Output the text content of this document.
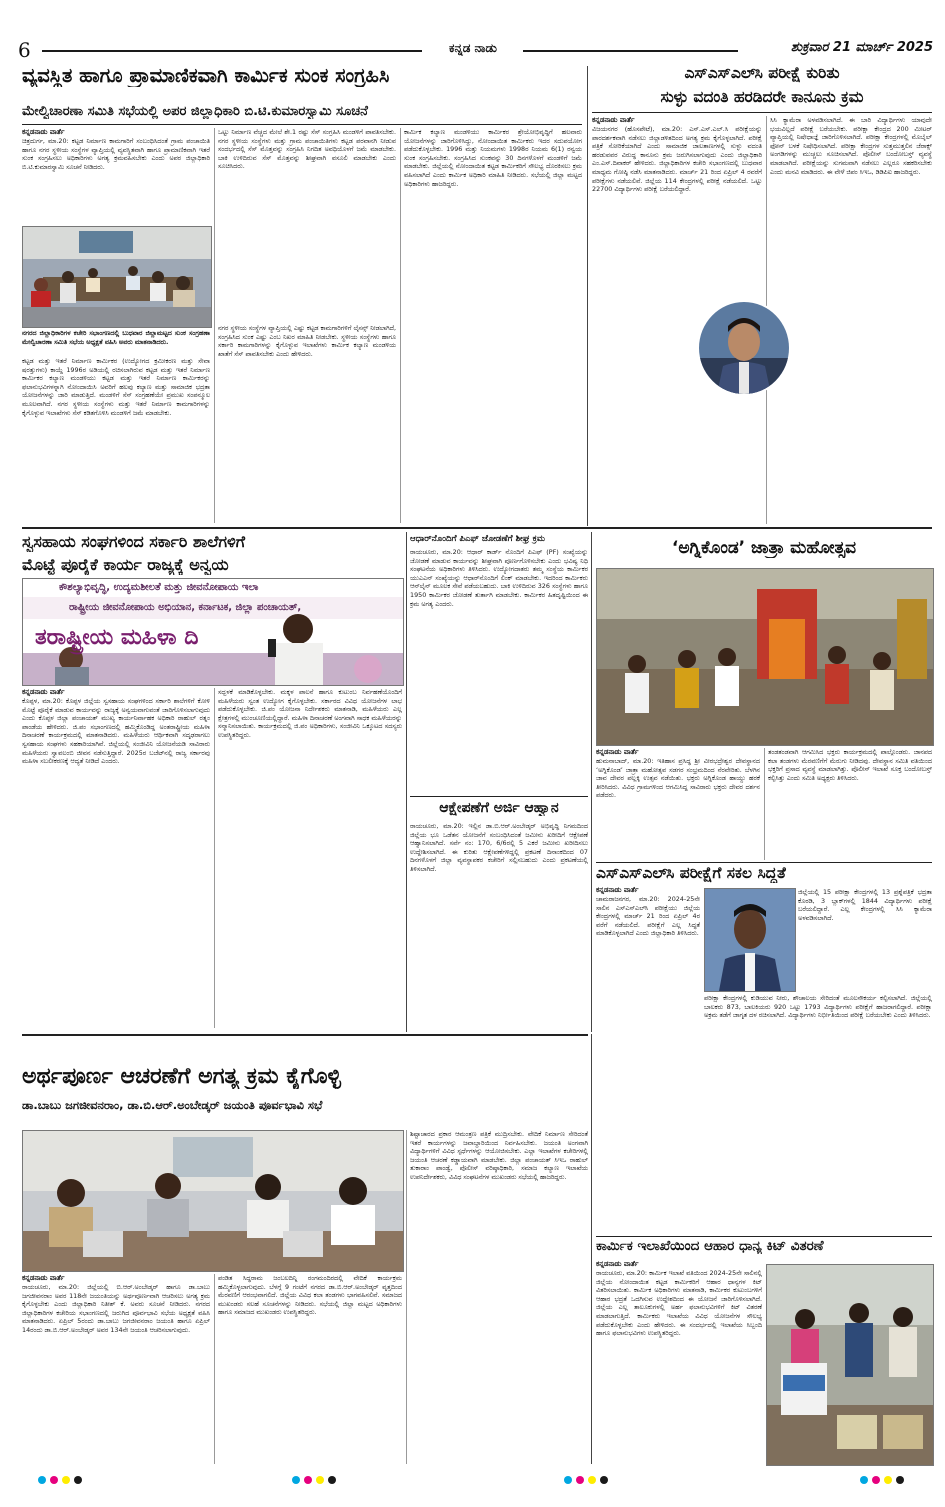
6	ಕನ್ನಡ ನಾಡು	ಶುಕ್ರವಾರ 21 ಮಾರ್ಚ್ 2025
ವ್ಯವಸ್ಥಿತ ಹಾಗೂ ಪ್ರಾಮಾಣಿಕವಾಗಿ ಕಾರ್ಮಿಕ ಸುಂಕ ಸಂಗ್ರಹಿಸಿ
ಮೇಲ್ವಿಚಾರಣಾ ಸಮಿತಿ ಸಭೆಯಲ್ಲಿ ಅಪರ ಜಿಲ್ಲಾಧಿಕಾರಿ ಬಿ.ಟಿ.ಕುಮಾರಸ್ವಾಮಿ ಸೂಚನೆ
ಕನ್ನಡನಾಡು ವಾರ್ತೆ
ಚಿತ್ರದುರ್ಗ, ಮಾ.20: ಕಟ್ಟಡ ನಿರ್ಮಾಣ ಕಾಮಗಾರಿಗೆ ಸಂಬಂಧಿಸಿದಂತೆ ಗ್ರಾಮ ಪಂಚಾಯಿತಿ ಹಾಗೂ ನಗರ ಸ್ಥಳೀಯ ಸಂಸ್ಥೆಗಳ ವ್ಯಾಪ್ತಿಯಲ್ಲಿ ವ್ಯವಸ್ಥಿತವಾಗಿ ಹಾಗೂ ಪ್ರಾಮಾಣಿಕವಾಗಿ ಇತರೆ ಸುಂಕ ಸಂಗ್ರಹಿಸಲು ಅಧಿಕಾರಿಗಳು ಅಗತ್ಯ ಕ್ರಮವಹಿಸಬೇಕು ಎಂದು ಅಪರ ಜಿಲ್ಲಾಧಿಕಾರಿ ಬಿ.ಟಿ.ಕುಮಾರಸ್ವಾಮಿ ಸೂಚನೆ ನೀಡಿದರು.
ನಗರದ ಜಿಲ್ಲಾಧಿಕಾರಿಗಳ ಕಚೇರಿ ಸಭಾಂಗಣದಲ್ಲಿ ಬುಧವಾರ ಜಿಲ್ಲಾಮಟ್ಟದ ಸುಂಕ ಸಂಗ್ರಹಣಾ ಮೇಲ್ವಿಚಾರಣಾ ಸಮಿತಿ ಸಭೆಯ ಅಧ್ಯಕ್ಷತೆ ವಹಿಸಿ ಅವರು ಮಾತನಾಡಿದರು.
ಕಟ್ಟಡ ಮತ್ತು ಇತರೆ ನಿರ್ಮಾಣ ಕಾರ್ಮಿಕರ (ಉದ್ಯೋಗದ ಕ್ರಮೀಕರಣ ಮತ್ತು ಸೇವಾ ಷರತ್ತುಗಳು) ಕಾಯ್ದೆ 1996ರ ಅಡಿಯಲ್ಲಿ ರಚಿಸಲಾಗಿರುವ ಕಟ್ಟಡ ಮತ್ತು ಇತರೆ ನಿರ್ಮಾಣ ಕಾರ್ಮಿಕರ ಕಲ್ಯಾಣ ಮಂಡಳಿಯು ಕಟ್ಟಡ ಮತ್ತು ಇತರೆ ನಿರ್ಮಾಣ ಕಾರ್ಮಿಕರನ್ನು ಫಲಾನುಭವಿಗಳನ್ನಾಗಿ ನೋಂದಾಯಿಸಿ ಅವರಿಗೆ ಹಲವು ಕಲ್ಯಾಣ ಮತ್ತು ಸಾಮಾಜಿಕ ಭದ್ರತಾ ಯೋಜನೆಗಳನ್ನು ಜಾರಿ ಮಾಡುತ್ತಿದೆ. ಮಂಡಳಿಗೆ ಸೆಸ್ ಸಂಗ್ರಹಣೆಯೇ ಪ್ರಮುಖ ಸಂಪನ್ಮೂಲ ಮೂಲವಾಗಿದೆ. ನಗರ ಸ್ಥಳೀಯ ಸಂಸ್ಥೆಗಳು ಮತ್ತು ಇತರೆ ನಿರ್ಮಾಣ ಕಾಮಗಾರಿಗಳನ್ನು ಕೈಗೊಳ್ಳುವ ಇಲಾಖೆಗಳು ಸೆಸ್ ಕಡಿತಗೊಳಿಸಿ ಮಂಡಳಿಗೆ ಜಮೆ ಮಾಡಬೇಕು.
ಒಟ್ಟು ನಿರ್ಮಾಣ ವೆಚ್ಚದ ಮೇಲೆ ಶೇ.1 ರಷ್ಟು ಸೆಸ್ ಸಂಗ್ರಹಿಸಿ ಮಂಡಳಿಗೆ ಪಾವತಿಸಬೇಕು. ನಗರ ಸ್ಥಳೀಯ ಸಂಸ್ಥೆಗಳು ಮತ್ತು ಗ್ರಾಮ ಪಂಚಾಯಿತಿಗಳು ಕಟ್ಟಡ ಪರವಾನಗಿ ನೀಡುವ ಸಂದರ್ಭದಲ್ಲಿ ಸೆಸ್ ಮೊತ್ತವನ್ನು ಸಂಗ್ರಹಿಸಿ ನಿಗದಿತ ಅವಧಿಯೊಳಗೆ ಜಮೆ ಮಾಡಬೇಕು. ಬಾಕಿ ಉಳಿದಿರುವ ಸೆಸ್ ಮೊತ್ತವನ್ನು ಶೀಘ್ರವಾಗಿ ವಸೂಲಿ ಮಾಡಬೇಕು ಎಂದು ಸೂಚಿಸಿದರು.
ನಗರ ಸ್ಥಳೀಯ ಸಂಸ್ಥೆಗಳ ವ್ಯಾಪ್ತಿಯಲ್ಲಿ ಎಷ್ಟು ಕಟ್ಟಡ ಕಾಮಗಾರಿಗಳಿಗೆ ಲೈಸನ್ಸ್ ನೀಡಲಾಗಿದೆ, ಸಂಗ್ರಹಿಸಿದ ಸುಂಕ ಎಷ್ಟು ಎಂಬ ನಿಖರ ಮಾಹಿತಿ ನೀಡಬೇಕು. ಸ್ಥಳೀಯ ಸಂಸ್ಥೆಗಳು ಹಾಗೂ ಸರ್ಕಾರಿ ಕಾಮಗಾರಿಗಳನ್ನು ಕೈಗೊಳ್ಳುವ ಇಲಾಖೆಗಳು ಕಾರ್ಮಿಕ ಕಲ್ಯಾಣ ಮಂಡಳಿಯ ಖಾತೆಗೆ ಸೆಸ್ ಪಾವತಿಸಬೇಕು ಎಂದು ಹೇಳಿದರು.
ಕಾರ್ಮಿಕ ಕಲ್ಯಾಣ ಮಂಡಳಿಯು ಕಾರ್ಮಿಕರ ಶ್ರೇಯೋಭಿವೃದ್ಧಿಗೆ ಹಲವಾರು ಯೋಜನೆಗಳನ್ನು ಜಾರಿಗೊಳಿಸಿದ್ದು, ನೋಂದಾಯಿತ ಕಾರ್ಮಿಕರು ಇದರ ಸದುಪಯೋಗ ಪಡೆದುಕೊಳ್ಳಬೇಕು. 1996 ಮತ್ತು ನಿಯಮಗಳು 1998ರ ನಿಯಮ 6(1) ರನ್ವಯ ಸುಂಕ ಸಂಗ್ರಹಿಸಬೇಕು. ಸಂಗ್ರಹಿಸಿದ ಸುಂಕವನ್ನು 30 ದಿನಗಳೊಳಗೆ ಮಂಡಳಿಗೆ ಜಮೆ ಮಾಡಬೇಕು. ಜಿಲ್ಲೆಯಲ್ಲಿ ನೋಂದಾಯಿತ ಕಟ್ಟಡ ಕಾರ್ಮಿಕರಿಗೆ ಸೌಲಭ್ಯ ದೊರಕಿಸಲು ಕ್ರಮ ವಹಿಸಲಾಗಿದೆ ಎಂದು ಕಾರ್ಮಿಕ ಅಧಿಕಾರಿ ಮಾಹಿತಿ ನೀಡಿದರು. ಸಭೆಯಲ್ಲಿ ಜಿಲ್ಲಾ ಮಟ್ಟದ ಅಧಿಕಾರಿಗಳು ಹಾಜರಿದ್ದರು.
ಎಸ್‍ಎಸ್‍ಎಲ್‍ಸಿ ಪರೀಕ್ಷೆ ಕುರಿತು
ಸುಳ್ಳು ವದಂತಿ ಹರಡಿದರೇ ಕಾನೂನು ಕ್ರಮ
ಕನ್ನಡನಾಡು ವಾರ್ತೆ
ವಿಜಯನಗರ (ಹೊಸಪೇಟೆ), ಮಾ.20: ಎಸ್.ಎಸ್.ಎಲ್.ಸಿ ಪರೀಕ್ಷೆಯನ್ನು ಪಾರದರ್ಶಕವಾಗಿ ನಡೆಸಲು ಜಿಲ್ಲಾಡಳಿತದಿಂದ ಅಗತ್ಯ ಕ್ರಮ ಕೈಗೊಳ್ಳಲಾಗಿದೆ. ಪರೀಕ್ಷೆ ಪತ್ರಿಕೆ ಸೋರಿಕೆಯಾಗಿದೆ ಎಂದು ಸಾಮಾಜಿಕ ಜಾಲತಾಣಗಳಲ್ಲಿ ಸುಳ್ಳು ವದಂತಿ ಹರಡುವವರ ವಿರುದ್ಧ ಕಾನೂನು ಕ್ರಮ ಜರುಗಿಸಲಾಗುವುದು ಎಂದು ಜಿಲ್ಲಾಧಿಕಾರಿ ಎಂ.ಎಸ್.ದಿವಾಕರ್ ಹೇಳಿದರು. ಜಿಲ್ಲಾಧಿಕಾರಿಗಳ ಕಚೇರಿ ಸಭಾಂಗಣದಲ್ಲಿ ಬುಧವಾರ ಮಾಧ್ಯಮ ಗೋಷ್ಠಿ ನಡೆಸಿ ಮಾತನಾಡಿದರು. ಮಾರ್ಚ್ 21 ರಿಂದ ಏಪ್ರಿಲ್ 4 ರವರೆಗೆ ಪರೀಕ್ಷೆಗಳು ನಡೆಯಲಿವೆ. ಜಿಲ್ಲೆಯ 114 ಕೇಂದ್ರಗಳಲ್ಲಿ ಪರೀಕ್ಷೆ ನಡೆಯಲಿದೆ. ಒಟ್ಟು 22700 ವಿದ್ಯಾರ್ಥಿಗಳು ಪರೀಕ್ಷೆ ಬರೆಯಲಿದ್ದಾರೆ.
ಸಿಸಿ ಕ್ಯಾಮೆರಾ ಅಳವಡಿಸಲಾಗಿದೆ. ಈ ಬಾರಿ ವಿದ್ಯಾರ್ಥಿಗಳು ಯಾವುದೇ ಭಯವಿಲ್ಲದೆ ಪರೀಕ್ಷೆ ಬರೆಯಬೇಕು. ಪರೀಕ್ಷಾ ಕೇಂದ್ರದ 200 ಮೀಟರ್ ವ್ಯಾಪ್ತಿಯಲ್ಲಿ ನಿಷೇಧಾಜ್ಞೆ ಜಾರಿಗೊಳಿಸಲಾಗಿದೆ. ಪರೀಕ್ಷಾ ಕೇಂದ್ರಗಳಲ್ಲಿ ಮೊಬೈಲ್ ಫೋನ್ ಬಳಕೆ ನಿಷೇಧಿಸಲಾಗಿದೆ. ಪರೀಕ್ಷಾ ಕೇಂದ್ರಗಳ ಸುತ್ತಮುತ್ತಲಿನ ಜೆರಾಕ್ಸ್ ಅಂಗಡಿಗಳನ್ನು ಮುಚ್ಚಲು ಸೂಚಿಸಲಾಗಿದೆ. ಪೊಲೀಸ್ ಬಂದೋಬಸ್ತ್ ವ್ಯವಸ್ಥೆ ಮಾಡಲಾಗಿದೆ. ಪರೀಕ್ಷೆಯನ್ನು ಸುಗಮವಾಗಿ ನಡೆಸಲು ಎಲ್ಲರೂ ಸಹಕರಿಸಬೇಕು ಎಂದು ಮನವಿ ಮಾಡಿದರು. ಈ ವೇಳೆ ಜಿಪಂ ಸಿಇಒ, ಡಿಡಿಪಿಐ ಹಾಜರಿದ್ದರು.
ಸ್ವಸಹಾಯ ಸಂಘಗಳಿಂದ ಸರ್ಕಾರಿ ಶಾಲೆಗಳಿಗೆ
ಮೊಟ್ಟೆ ಪೂರೈಕೆ ಕಾರ್ಯ ರಾಜ್ಯಕ್ಕೆ ಅನ್ವಯ
ಕೌಶಲ್ಯಾಭಿವೃದ್ಧಿ, ಉದ್ಯಮಶೀಲತೆ ಮತ್ತು ಜೀವನೋಪಾಯ ಇಲಾ
ರಾಷ್ಟ್ರೀಯ ಜೀವನೋಪಾಯ ಅಭಿಯಾನ, ಕರ್ನಾಟಕ, ಜಿಲ್ಲಾ ಪಂಚಾಯತ್,
ತರಾಷ್ಟ್ರೀಯ ಮಹಿಳಾ ದಿ
ಕನ್ನಡನಾಡು ವಾರ್ತೆ
ಕೊಪ್ಪಳ, ಮಾ.20: ಕೊಪ್ಪಳ ಜಿಲ್ಲೆಯ ಸ್ವಸಹಾಯ ಸಂಘಗಳಿಂದ ಸರ್ಕಾರಿ ಶಾಲೆಗಳಿಗೆ ಕೋಳಿ ಮೊಟ್ಟೆ ಪೂರೈಕೆ ಮಾಡುವ ಕಾರ್ಯವನ್ನು ರಾಜ್ಯಕ್ಕೆ ಅನ್ವಯವಾಗುವಂತೆ ಜಾರಿಗೊಳಿಸಲಾಗುವುದು ಎಂದು ಕೊಪ್ಪಳ ಜಿಲ್ಲಾ ಪಂಚಾಯತ್ ಮುಖ್ಯ ಕಾರ್ಯನಿರ್ವಾಹಕ ಅಧಿಕಾರಿ ರಾಹುಲ್ ರತ್ನಂ ಪಾಂಡೆಯ ಹೇಳಿದರು. ಜಿ.ಪಂ ಸಭಾಂಗಣದಲ್ಲಿ ಹಮ್ಮಿಕೊಂಡಿದ್ದ ಅಂತರಾಷ್ಟ್ರೀಯ ಮಹಿಳಾ ದಿನಾಚರಣೆ ಕಾರ್ಯಕ್ರಮದಲ್ಲಿ ಮಾತನಾಡಿದರು. ಮಹಿಳೆಯರು ಆರ್ಥಿಕವಾಗಿ ಸದೃಢರಾಗಲು ಸ್ವಸಹಾಯ ಸಂಘಗಳು ಸಹಕಾರಿಯಾಗಿವೆ. ಜಿಲ್ಲೆಯಲ್ಲಿ ಸಂಜೀವಿನಿ ಯೋಜನೆಯಡಿ ಸಾವಿರಾರು ಮಹಿಳೆಯರು ಸ್ವಾವಲಂಬಿ ಜೀವನ ನಡೆಸುತ್ತಿದ್ದಾರೆ. 2025ರ ಬಜೆಟ್‍ನಲ್ಲಿ ರಾಜ್ಯ ಸರ್ಕಾರವು ಮಹಿಳಾ ಸಬಲೀಕರಣಕ್ಕೆ ಆದ್ಯತೆ ನೀಡಿದೆ ಎಂದರು.
ಸದ್ಬಳಕೆ ಮಾಡಿಕೊಳ್ಳಬೇಕು. ಮಕ್ಕಳ ಪಾಲನೆ ಹಾಗೂ ಕುಟುಂಬ ನಿರ್ವಹಣೆಯೊಂದಿಗೆ ಮಹಿಳೆಯರು ಸ್ವಂತ ಉದ್ಯೋಗ ಕೈಗೊಳ್ಳಬೇಕು. ಸರ್ಕಾರದ ವಿವಿಧ ಯೋಜನೆಗಳ ಲಾಭ ಪಡೆದುಕೊಳ್ಳಬೇಕು. ಜಿ.ಪಂ ಯೋಜನಾ ನಿರ್ದೇಶಕರು ಮಾತನಾಡಿ, ಮಹಿಳೆಯರು ಎಲ್ಲ ಕ್ಷೇತ್ರಗಳಲ್ಲಿ ಮುಂಚೂಣಿಯಲ್ಲಿದ್ದಾರೆ. ಮಹಿಳಾ ದಿನಾಚರಣೆ ಅಂಗವಾಗಿ ಸಾಧಕ ಮಹಿಳೆಯರನ್ನು ಸನ್ಮಾನಿಸಲಾಯಿತು. ಕಾರ್ಯಕ್ರಮದಲ್ಲಿ ಜಿ.ಪಂ ಅಧಿಕಾರಿಗಳು, ಸಂಜೀವಿನಿ ಒಕ್ಕೂಟದ ಸದಸ್ಯರು ಉಪಸ್ಥಿತರಿದ್ದರು.
ಆಧಾರ್‌ನೊಂದಿಗೆ ಪಿಎಫ್ ಜೋಡಣೆಗೆ ಶೀಘ್ರ ಕ್ರಮ
ರಾಯಚೂರು, ಮಾ.20: ಆಧಾರ್ ಕಾರ್ಡ್ ನೊಂದಿಗೆ ಪಿಎಫ್ (PF) ಸಂಖ್ಯೆಯನ್ನು ಜೋಡಣೆ ಮಾಡುವ ಕಾರ್ಯವನ್ನು ಶೀಘ್ರವಾಗಿ ಪೂರ್ಣಗೊಳಿಸಬೇಕು ಎಂದು ಭವಿಷ್ಯ ನಿಧಿ ಸಂಘಟನೆಯ ಅಧಿಕಾರಿಗಳು ತಿಳಿಸಿದರು. ಉದ್ಯೋಗದಾತರು ತಮ್ಮ ಸಂಸ್ಥೆಯ ಕಾರ್ಮಿಕರ ಯುಎಎನ್ ಸಂಖ್ಯೆಯನ್ನು ಆಧಾರ್‌ನೊಂದಿಗೆ ಲಿಂಕ್ ಮಾಡಬೇಕು. ಇದರಿಂದ ಕಾರ್ಮಿಕರು ಆನ್‍ಲೈನ್ ಮೂಲಕ ಸೇವೆ ಪಡೆಯಬಹುದು. ಬಾಕಿ ಉಳಿದಿರುವ 326 ಸಂಸ್ಥೆಗಳು ಹಾಗೂ 1950 ಕಾರ್ಮಿಕರ ಜೋಡಣೆ ತುರ್ತಾಗಿ ಮಾಡಬೇಕು. ಕಾರ್ಮಿಕರ ಹಿತದೃಷ್ಟಿಯಿಂದ ಈ ಕ್ರಮ ಅಗತ್ಯ ಎಂದರು.
ಆಕ್ಷೇಪಣೆಗೆ ಅರ್ಜಿ ಆಹ್ವಾನ
ರಾಯಚೂರು, ಮಾ.20: ಇಲ್ಲಿನ ಡಾ.ಬಿ.ಆರ್.ಅಂಬೇಡ್ಕರ್ ಅಭಿವೃದ್ಧಿ ನಿಗಮದಿಂದ ಜಿಲ್ಲೆಯ ಭೂ ಒಡೆತನ ಯೋಜನೆಗೆ ಸಂಬಂಧಿಸಿದಂತೆ ಜಮೀನು ಖರೀದಿಗೆ ಆಕ್ಷೇಪಣೆ ಆಹ್ವಾನಿಸಲಾಗಿದೆ. ಸರ್ವೆ ನಂ: 170, 6/6ರಲ್ಲಿ 5 ಎಕರೆ ಜಮೀನು ಖರೀದಿಸಲು ಉದ್ದೇಶಿಸಲಾಗಿದೆ. ಈ ಕುರಿತು ಆಕ್ಷೇಪಣೆಗಳಿದ್ದಲ್ಲಿ ಪ್ರಕಟಣೆ ದಿನಾಂಕದಿಂದ 07 ದಿನಗಳೊಳಗೆ ಜಿಲ್ಲಾ ವ್ಯವಸ್ಥಾಪಕರ ಕಚೇರಿಗೆ ಸಲ್ಲಿಸಬಹುದು ಎಂದು ಪ್ರಕಟಣೆಯಲ್ಲಿ ತಿಳಿಸಲಾಗಿದೆ.
‘ಅಗ್ನಿಕೊಂಡ’ ಜಾತ್ರಾ ಮಹೋತ್ಸವ
ಕನ್ನಡನಾಡು ವಾರ್ತೆ
ಹುಮನಾಬಾದ್, ಮಾ.20: ಇತಿಹಾಸ ಪ್ರಸಿದ್ಧ ಶ್ರೀ ವೀರಭದ್ರೇಶ್ವರ ದೇವಸ್ಥಾನದ ‘ಅಗ್ನಿಕೊಂಡ’ ಜಾತ್ರಾ ಮಹೋತ್ಸವ ಸಡಗರ ಸಂಭ್ರಮದಿಂದ ನೆರವೇರಿತು. ಬೆಳಗಿನ ಜಾವ ದೇವರ ಪಲ್ಲಕ್ಕಿ ಉತ್ಸವ ನಡೆಯಿತು. ಭಕ್ತರು ಅಗ್ನಿಕೊಂಡ ಹಾಯ್ದು ಹರಕೆ ತೀರಿಸಿದರು. ವಿವಿಧ ಗ್ರಾಮಗಳಿಂದ ಆಗಮಿಸಿದ್ದ ಸಾವಿರಾರು ಭಕ್ತರು ದೇವರ ದರ್ಶನ ಪಡೆದರು.
ತಂಡತಂಡವಾಗಿ ಆಗಮಿಸಿದ ಭಕ್ತರು ಕಾರ್ಯಕ್ರಮದಲ್ಲಿ ಪಾಲ್ಗೊಂಡರು. ಜಾನಪದ ಕಲಾ ತಂಡಗಳು ಮೆರವಣಿಗೆಗೆ ಮೆರುಗು ನೀಡಿದವು. ದೇವಸ್ಥಾನ ಸಮಿತಿ ವತಿಯಿಂದ ಭಕ್ತರಿಗೆ ಪ್ರಸಾದ ವ್ಯವಸ್ಥೆ ಮಾಡಲಾಗಿತ್ತು. ಪೊಲೀಸ್ ಇಲಾಖೆ ಸೂಕ್ತ ಬಂದೋಬಸ್ತ್ ಕಲ್ಪಿಸಿತ್ತು ಎಂದು ಸಮಿತಿ ಅಧ್ಯಕ್ಷರು ತಿಳಿಸಿದರು.
ಎಸ್‍ಎಸ್‍ಎಲ್‍ಸಿ ಪರೀಕ್ಷೆಗೆ ಸಕಲ ಸಿದ್ಧತೆ
ಕನ್ನಡನಾಡು ವಾರ್ತೆ
ಚಾಮರಾಜನಗರ, ಮಾ.20: 2024-25ನೇ ಸಾಲಿನ ಎಸ್‍ಎಸ್‍ಎಲ್‍ಸಿ ಪರೀಕ್ಷೆಯು ಜಿಲ್ಲೆಯ ಕೇಂದ್ರಗಳಲ್ಲಿ ಮಾರ್ಚ್ 21 ರಿಂದ ಏಪ್ರಿಲ್ 4ರ ವರೆಗೆ ನಡೆಯಲಿದೆ. ಪರೀಕ್ಷೆಗೆ ಎಲ್ಲ ಸಿದ್ಧತೆ ಮಾಡಿಕೊಳ್ಳಲಾಗಿದೆ ಎಂದು ಜಿಲ್ಲಾಧಿಕಾರಿ ತಿಳಿಸಿದರು.
ಜಿಲ್ಲೆಯಲ್ಲಿ 15 ಪರೀಕ್ಷಾ ಕೇಂದ್ರಗಳಲ್ಲಿ 13 ಪ್ರಶ್ನೆಪತ್ರಿಕೆ ಭದ್ರತಾ ಕೊಠಡಿ, 3 ಬ್ಲಾಕ್‍ಗಳಲ್ಲಿ 1844 ವಿದ್ಯಾರ್ಥಿಗಳು ಪರೀಕ್ಷೆ ಬರೆಯಲಿದ್ದಾರೆ. ಎಲ್ಲ ಕೇಂದ್ರಗಳಲ್ಲಿ ಸಿಸಿ ಕ್ಯಾಮೆರಾ ಅಳವಡಿಸಲಾಗಿದೆ.
ಪರೀಕ್ಷಾ ಕೇಂದ್ರಗಳಲ್ಲಿ ಕುಡಿಯುವ ನೀರು, ಶೌಚಾಲಯ ಸೇರಿದಂತೆ ಮೂಲಸೌಕರ್ಯ ಕಲ್ಪಿಸಲಾಗಿದೆ. ಜಿಲ್ಲೆಯಲ್ಲಿ ಬಾಲಕರು 873, ಬಾಲಕಿಯರು 920 ಒಟ್ಟು 1793 ವಿದ್ಯಾರ್ಥಿಗಳು ಪರೀಕ್ಷೆಗೆ ಹಾಜರಾಗಲಿದ್ದಾರೆ. ಪರೀಕ್ಷಾ ಅಕ್ರಮ ತಡೆಗೆ ಜಾಗೃತ ದಳ ರಚಿಸಲಾಗಿದೆ. ವಿದ್ಯಾರ್ಥಿಗಳು ನಿರ್ಭೀತಿಯಿಂದ ಪರೀಕ್ಷೆ ಬರೆಯಬೇಕು ಎಂದು ತಿಳಿಸಿದರು.
ಅರ್ಥಪೂರ್ಣ ಆಚರಣೆಗೆ ಅಗತ್ಯ ಕ್ರಮ ಕೈಗೊಳ್ಳಿ
ಡಾ.ಬಾಬು ಜಗಜೀವನರಾಂ, ಡಾ.ಬಿ.ಆರ್.ಅಂಬೇಡ್ಕರ್ ಜಯಂತಿ ಪೂರ್ವಭಾವಿ ಸಭೆ
ಕನ್ನಡನಾಡು ವಾರ್ತೆ
ರಾಯಚೂರು, ಮಾ.20: ಜಿಲ್ಲೆಯಲ್ಲಿ ಬಿ.ಆರ್.ಅಂಬೇಡ್ಕರ್ ಹಾಗೂ ಡಾ.ಬಾಬು ಜಗಜೀವನರಾಂ ಅವರ 118ನೇ ಜಯಂತಿಯನ್ನು ಅರ್ಥಪೂರ್ಣವಾಗಿ ಆಚರಿಸಲು ಅಗತ್ಯ ಕ್ರಮ ಕೈಗೊಳ್ಳಬೇಕು ಎಂದು ಜಿಲ್ಲಾಧಿಕಾರಿ ನಿತೀಶ್ ಕೆ. ಅವರು ಸೂಚನೆ ನೀಡಿದರು. ನಗರದ ಜಿಲ್ಲಾಧಿಕಾರಿಗಳ ಕಚೇರಿಯ ಸಭಾಂಗಣದಲ್ಲಿ ಜರುಗಿದ ಪೂರ್ವಭಾವಿ ಸಭೆಯ ಅಧ್ಯಕ್ಷತೆ ವಹಿಸಿ ಮಾತನಾಡಿದರು. ಏಪ್ರಿಲ್ 5ರಂದು ಡಾ.ಬಾಬು ಜಗಜೀವನರಾಂ ಜಯಂತಿ ಹಾಗೂ ಏಪ್ರಿಲ್ 14ರಂದು ಡಾ.ಬಿ.ಆರ್.ಅಂಬೇಡ್ಕರ್ ಅವರ 134ನೇ ಜಯಂತಿ ಆಚರಿಸಲಾಗುವುದು.
ಪಂಡಿತ ಸಿದ್ಧರಾಮ ಜಂಬಲದಿನ್ನಿ ರಂಗಮಂದಿರದಲ್ಲಿ ವೇದಿಕೆ ಕಾರ್ಯಕ್ರಮ ಹಮ್ಮಿಕೊಳ್ಳಲಾಗುವುದು. ಬೆಳಗ್ಗೆ 9 ಗಂಟೆಗೆ ನಗರದ ಡಾ.ಬಿ.ಆರ್.ಅಂಬೇಡ್ಕರ್ ವೃತ್ತದಿಂದ ಮೆರವಣಿಗೆ ಆರಂಭವಾಗಲಿದೆ. ಜಿಲ್ಲೆಯ ವಿವಿಧ ಕಲಾ ತಂಡಗಳು ಭಾಗವಹಿಸಲಿವೆ. ಸಮಾಜದ ಮುಖಂಡರು ಸಲಹೆ ಸೂಚನೆಗಳನ್ನು ನೀಡಿದರು. ಸಭೆಯಲ್ಲಿ ಜಿಲ್ಲಾ ಮಟ್ಟದ ಅಧಿಕಾರಿಗಳು ಹಾಗೂ ಸಮಾಜದ ಮುಖಂಡರು ಉಪಸ್ಥಿತರಿದ್ದರು.
ಶಿಷ್ಟಾಚಾರದ ಪ್ರಕಾರ ಆಮಂತ್ರಣ ಪತ್ರಿಕೆ ಮುದ್ರಿಸಬೇಕು. ವೇದಿಕೆ ನಿರ್ಮಾಣ ಸೇರಿದಂತೆ ಇತರೆ ಕಾರ್ಯಗಳನ್ನು ಜವಾಬ್ದಾರಿಯಿಂದ ನಿರ್ವಹಿಸಬೇಕು. ಜಯಂತಿ ಅಂಗವಾಗಿ ವಿದ್ಯಾರ್ಥಿಗಳಿಗೆ ವಿವಿಧ ಸ್ಪರ್ಧೆಗಳನ್ನು ಆಯೋಜಿಸಬೇಕು. ಎಲ್ಲಾ ಇಲಾಖೆಗಳ ಕಚೇರಿಗಳಲ್ಲಿ ಜಯಂತಿ ಆಚರಣೆ ಕಡ್ಡಾಯವಾಗಿ ಮಾಡಬೇಕು. ಜಿಲ್ಲಾ ಪಂಚಾಯತ್ ಸಿಇಒ ರಾಹುಲ್ ತುಕಾರಾಂ ಪಾಂಡ್ವೆ, ಪೊಲೀಸ್ ವರಿಷ್ಠಾಧಿಕಾರಿ, ಸಮಾಜ ಕಲ್ಯಾಣ ಇಲಾಖೆಯ ಉಪನಿರ್ದೇಶಕರು, ವಿವಿಧ ಸಂಘಟನೆಗಳ ಮುಖಂಡರು ಸಭೆಯಲ್ಲಿ ಹಾಜರಿದ್ದರು.
ಕಾರ್ಮಿಕ ಇಲಾಖೆಯಿಂದ ಆಹಾರ ಧಾನ್ಯ ಕಿಟ್ ವಿತರಣೆ
ಕನ್ನಡನಾಡು ವಾರ್ತೆ
ರಾಯಚೂರು, ಮಾ.20: ಕಾರ್ಮಿಕ ಇಲಾಖೆ ವತಿಯಿಂದ 2024-25ನೇ ಸಾಲಿನಲ್ಲಿ ಜಿಲ್ಲೆಯ ನೋಂದಾಯಿತ ಕಟ್ಟಡ ಕಾರ್ಮಿಕರಿಗೆ ಆಹಾರ ಧಾನ್ಯಗಳ ಕಿಟ್ ವಿತರಿಸಲಾಯಿತು. ಕಾರ್ಮಿಕ ಅಧಿಕಾರಿಗಳು ಮಾತನಾಡಿ, ಕಾರ್ಮಿಕರ ಕುಟುಂಬಗಳಿಗೆ ಆಹಾರ ಭದ್ರತೆ ಒದಗಿಸುವ ಉದ್ದೇಶದಿಂದ ಈ ಯೋಜನೆ ಜಾರಿಗೊಳಿಸಲಾಗಿದೆ. ಜಿಲ್ಲೆಯ ಎಲ್ಲ ತಾಲೂಕುಗಳಲ್ಲಿ ಅರ್ಹ ಫಲಾನುಭವಿಗಳಿಗೆ ಕಿಟ್ ವಿತರಣೆ ಮಾಡಲಾಗುತ್ತಿದೆ. ಕಾರ್ಮಿಕರು ಇಲಾಖೆಯ ವಿವಿಧ ಯೋಜನೆಗಳ ಸೌಲಭ್ಯ ಪಡೆದುಕೊಳ್ಳಬೇಕು ಎಂದು ಹೇಳಿದರು. ಈ ಸಂದರ್ಭದಲ್ಲಿ ಇಲಾಖೆಯ ಸಿಬ್ಬಂದಿ ಹಾಗೂ ಫಲಾನುಭವಿಗಳು ಉಪಸ್ಥಿತರಿದ್ದರು.
